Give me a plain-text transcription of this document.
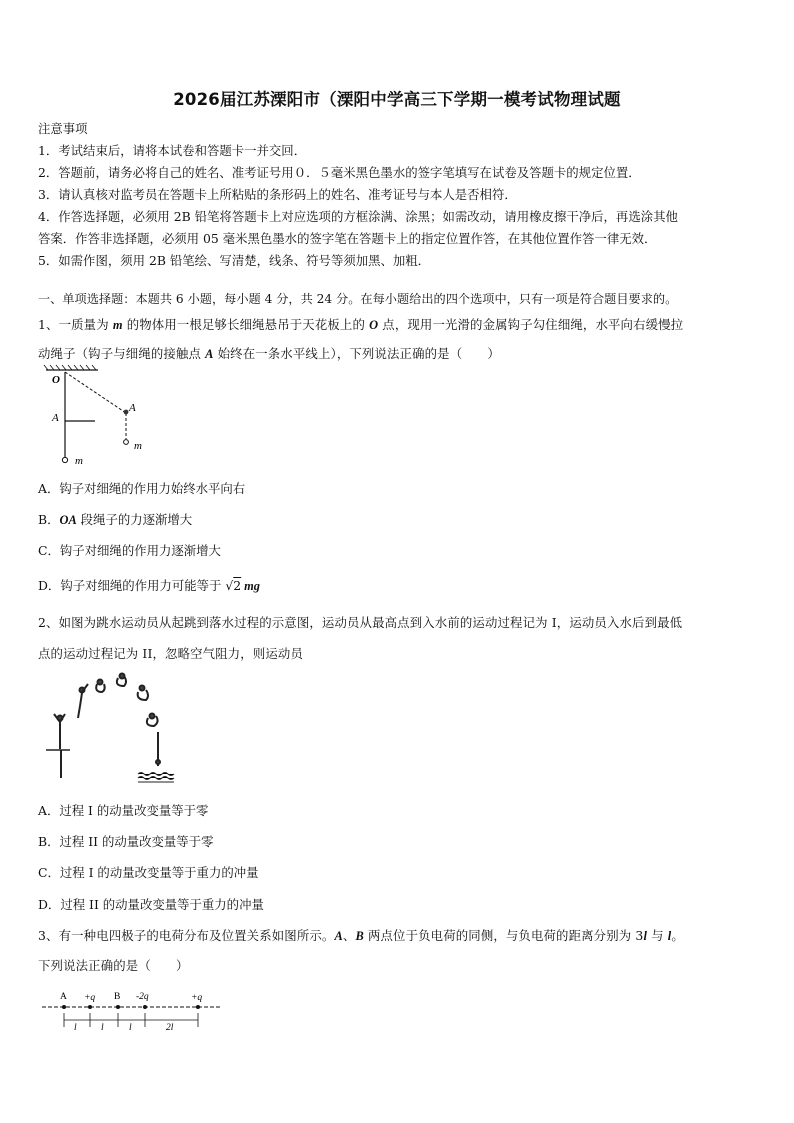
2026届江苏溧阳市（溧阳中学高三下学期一模考试物理试题
注意事项
1．考试结束后，请将本试卷和答题卡一并交回．
2．答题前，请务必将自己的姓名、准考证号用０．５毫米黑色墨水的签字笔填写在试卷及答题卡的规定位置．
3．请认真核对监考员在答题卡上所粘贴的条形码上的姓名、准考证号与本人是否相符．
4．作答选择题，必须用 2B 铅笔将答题卡上对应选项的方框涂满、涂黑；如需改动，请用橡皮擦干净后，再选涂其他
答案．作答非选择题，必须用 05 毫米黑色墨水的签字笔在答题卡上的指定位置作答，在其他位置作答一律无效．
5．如需作图，须用 2B 铅笔绘、写清楚，线条、符号等须加黑、加粗．
一、单项选择题：本题共 6 小题，每小题 4 分，共 24 分。在每小题给出的四个选项中，只有一项是符合题目要求的。
1、一质量为 m 的物体用一根足够长细绳悬吊于天花板上的 O 点，现用一光滑的金属钩子勾住细绳，水平向右缓慢拉
动绳子（钩子与细绳的接触点 A 始终在一条水平线上），下列说法正确的是（　　）
O
A
m
A
m
A．钩子对细绳的作用力始终水平向右
B．OA 段绳子的力逐渐增大
C．钩子对细绳的作用力逐渐增大
D．钩子对细绳的作用力可能等于 √2 mg
2、如图为跳水运动员从起跳到落水过程的示意图，运动员从最高点到入水前的运动过程记为 I，运动员入水后到最低
点的运动过程记为 II，忽略空气阻力，则运动员
A．过程 I 的动量改变量等于零
B．过程 II 的动量改变量等于零
C．过程 I 的动量改变量等于重力的冲量
D．过程 II 的动量改变量等于重力的冲量
3、有一种电四极子的电荷分布及位置关系如图所示。A、B 两点位于负电荷的同侧，与负电荷的距离分别为 3l 与 l。
下列说法正确的是（　　）
A +q B -2q	+q
l	l	l	2l
